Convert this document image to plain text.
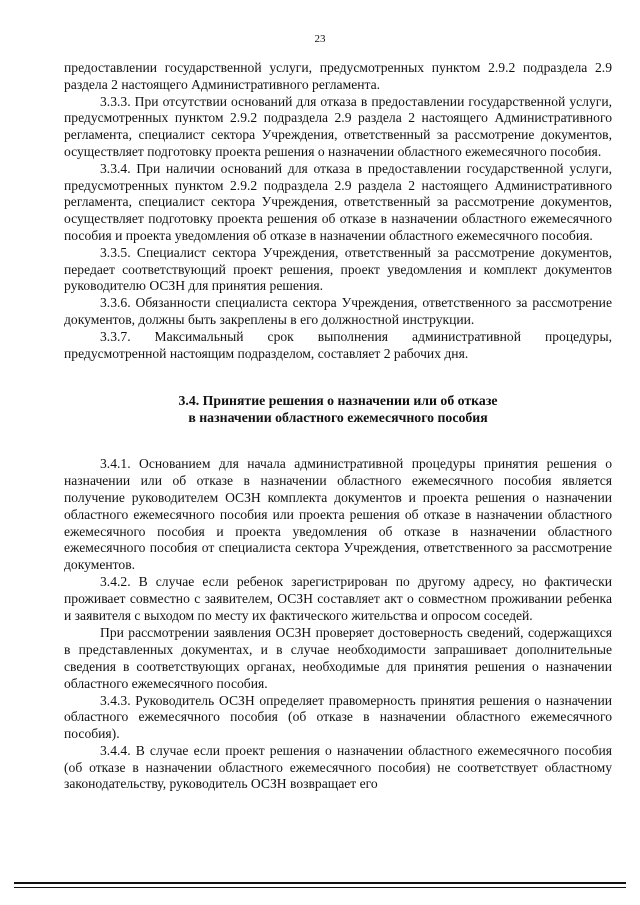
23

предоставлении государственной услуги, предусмотренных пунктом 2.9.2 подраздела 2.9 раздела 2 настоящего Административного регламента.

3.3.3. При отсутствии оснований для отказа в предоставлении государственной услуги, предусмотренных пунктом 2.9.2 подраздела 2.9 раздела 2 настоящего Административного регламента, специалист сектора Учреждения, ответственный за рассмотрение документов, осуществляет подготовку проекта решения о назначении областного ежемесячного пособия.

3.3.4. При наличии оснований для отказа в предоставлении государственной услуги, предусмотренных пунктом 2.9.2 подраздела 2.9 раздела 2 настоящего Административного регламента, специалист сектора Учреждения, ответственный за рассмотрение документов, осуществляет подготовку проекта решения об отказе в назначении областного ежемесячного пособия и проекта уведомления об отказе в назначении областного ежемесячного пособия.

3.3.5. Специалист сектора Учреждения, ответственный за рассмотрение документов, передает соответствующий проект решения, проект уведомления и комплект документов руководителю ОСЗН для принятия решения.

3.3.6. Обязанности специалиста сектора Учреждения, ответственного за рассмотрение документов, должны быть закреплены в его должностной инструкции.

3.3.7. Максимальный срок выполнения административной процедуры, предусмотренной настоящим подразделом, составляет 2 рабочих дня.

3.4. Принятие решения о назначении или об отказе
в назначении областного ежемесячного пособия

3.4.1. Основанием для начала административной процедуры принятия решения о назначении или об отказе в назначении областного ежемесячного пособия является получение руководителем ОСЗН комплекта документов и проекта решения о назначении областного ежемесячного пособия или проекта решения об отказе в назначении областного ежемесячного пособия и проекта уведомления об отказе в назначении областного ежемесячного пособия от специалиста сектора Учреждения, ответственного за рассмотрение документов.

3.4.2. В случае если ребенок зарегистрирован по другому адресу, но фактически проживает совместно с заявителем, ОСЗН составляет акт о совместном проживании ребенка и заявителя с выходом по месту их фактического жительства и опросом соседей.

При рассмотрении заявления ОСЗН проверяет достоверность сведений, содержащихся в представленных документах, и в случае необходимости запрашивает дополнительные сведения в соответствующих органах, необходимые для принятия решения о назначении областного ежемесячного пособия.

3.4.3. Руководитель ОСЗН определяет правомерность принятия решения о назначении областного ежемесячного пособия (об отказе в назначении областного ежемесячного пособия).

3.4.4. В случае если проект решения о назначении областного ежемесячного пособия (об отказе в назначении областного ежемесячного пособия) не соответствует областному законодательству, руководитель ОСЗН возвращает его
